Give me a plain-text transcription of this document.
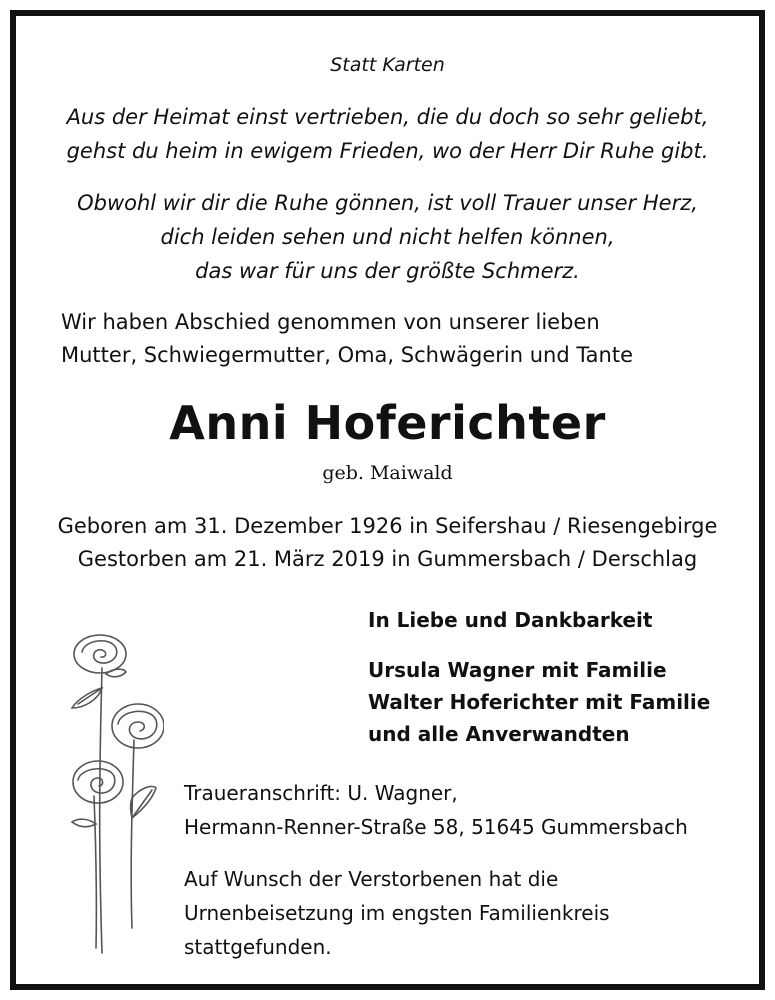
Statt Karten
Aus der Heimat einst vertrieben, die du doch so sehr geliebt,
gehst du heim in ewigem Frieden, wo der Herr Dir Ruhe gibt.
Obwohl wir dir die Ruhe gönnen, ist voll Trauer unser Herz,
dich leiden sehen und nicht helfen können,
das war für uns der größte Schmerz.
Wir haben Abschied genommen von unserer lieben
Mutter, Schwiegermutter, Oma, Schwägerin und Tante
Anni Hoferichter
geb. Maiwald
Geboren am 31. Dezember 1926 in Seifershau / Riesengebirge
Gestorben am 21. März 2019 in Gummersbach / Derschlag
In Liebe und Dankbarkeit
Ursula Wagner mit Familie
Walter Hoferichter mit Familie
und alle Anverwandten
Traueranschrift: U. Wagner,
Hermann-Renner-Straße 58, 51645 Gummersbach
Auf Wunsch der Verstorbenen hat die
Urnenbeisetzung im engsten Familienkreis
stattgefunden.
